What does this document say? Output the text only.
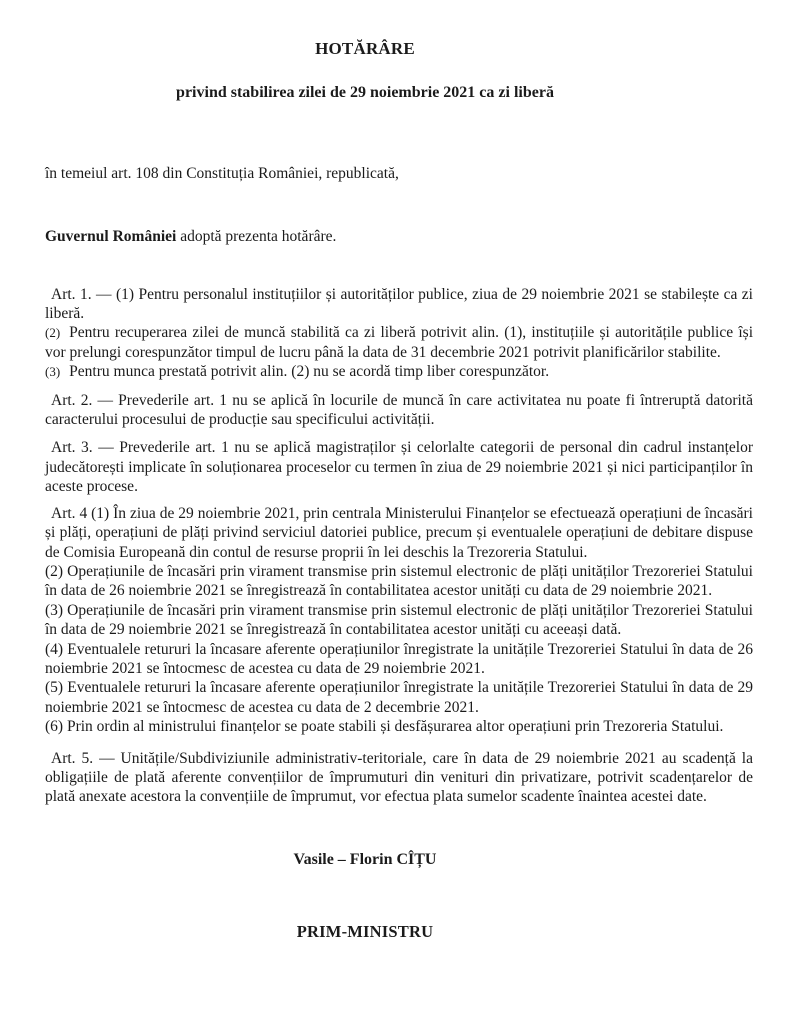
HOTĂRÂRE
privind stabilirea zilei de 29 noiembrie 2021 ca zi liberă

în temeiul art. 108 din Constituția României, republicată,

Guvernul României adoptă prezenta hotărâre.

Art. 1. — (1) Pentru personalul instituțiilor și autorităților publice, ziua de 29 noiembrie 2021 se stabilește ca zi liberă.

(2) Pentru recuperarea zilei de muncă stabilită ca zi liberă potrivit alin. (1), instituțiile și autoritățile publice își vor prelungi corespunzător timpul de lucru până la data de 31 decembrie 2021 potrivit planificărilor stabilite.

(3) Pentru munca prestată potrivit alin. (2) nu se acordă timp liber corespunzător.

Art. 2. — Prevederile art. 1 nu se aplică în locurile de muncă în care activitatea nu poate fi întreruptă datorită caracterului procesului de producție sau specificului activității.

Art. 3. — Prevederile art. 1 nu se aplică magistraților și celorlalte categorii de personal din cadrul instanțelor judecătorești implicate în soluționarea proceselor cu termen în ziua de 29 noiembrie 2021 și nici participanților în aceste procese.

Art. 4 (1) În ziua de 29 noiembrie 2021, prin centrala Ministerului Finanțelor se efectuează operațiuni de încasări și plăți, operațiuni de plăți privind serviciul datoriei publice, precum și eventualele operațiuni de debitare dispuse de Comisia Europeană din contul de resurse proprii în lei deschis la Trezoreria Statului.

(2) Operațiunile de încasări prin virament transmise prin sistemul electronic de plăți unităților Trezoreriei Statului în data de 26 noiembrie 2021 se înregistrează în contabilitatea acestor unități cu data de 29 noiembrie 2021.

(3) Operațiunile de încasări prin virament transmise prin sistemul electronic de plăți unităților Trezoreriei Statului în data de 29 noiembrie 2021 se înregistrează în contabilitatea acestor unități cu aceeași dată.

(4) Eventualele retururi la încasare aferente operațiunilor înregistrate la unitățile Trezoreriei Statului în data de 26 noiembrie 2021 se întocmesc de acestea cu data de 29 noiembrie 2021.

(5) Eventualele retururi la încasare aferente operațiunilor înregistrate la unitățile Trezoreriei Statului în data de 29 noiembrie 2021 se întocmesc de acestea cu data de 2 decembrie 2021.

(6) Prin ordin al ministrului finanțelor se poate stabili și desfășurarea altor operațiuni prin Trezoreria Statului.

Art. 5. — Unitățile/Subdiviziunile administrativ-teritoriale, care în data de 29 noiembrie 2021 au scadență la obligațiile de plată aferente convențiilor de împrumuturi din venituri din privatizare, potrivit scadențarelor de plată anexate acestora la convențiile de împrumut, vor efectua plata sumelor scadente înaintea acestei date.

Vasile – Florin CÎȚU

PRIM-MINISTRU
